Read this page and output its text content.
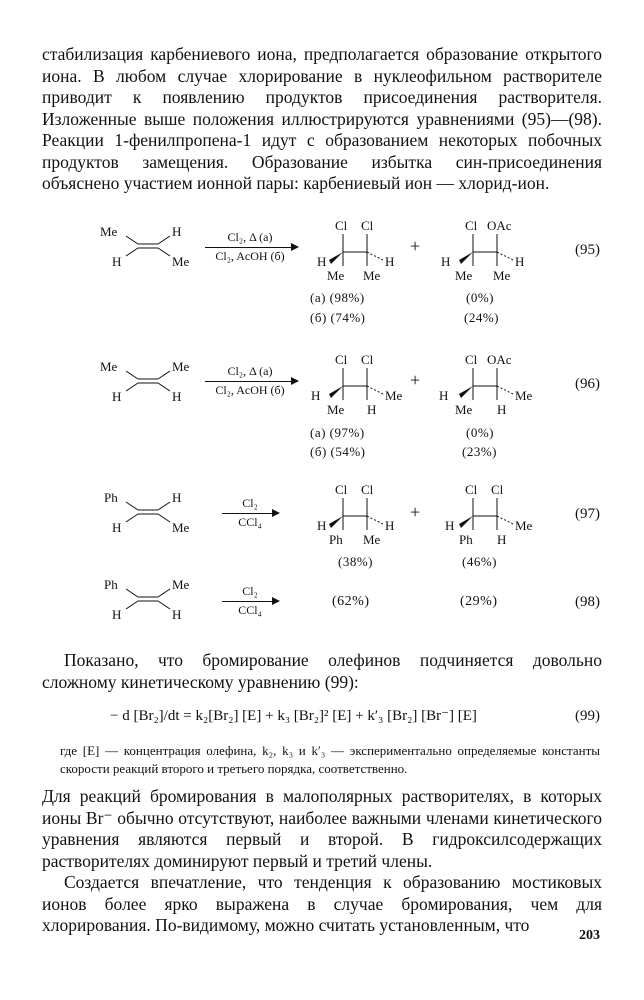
стабилизация карбениевого иона, предполагается образование открытого иона. В любом случае хлорирование в нуклеофильном растворителе приводит к появлению продуктов присоединения растворителя. Изложенные выше положения иллюстрируются уравнениями (95)—(98). Реакции 1-фенилпропена-1 идут с образованием некоторых побочных продуктов замещения. Образование избытка син-присоединения объяснено участием ионной пары: карбениевый ион — хлорид-ион.
Me	H
H	Me
Cl₂, Δ (а)
Cl₂, AcOH (б)
Cl Cl
H	H
Me Me
+
Cl OAc
H	H
Me Me
(95)
(а) (98%)
(б) (74%)
(0%)
(24%)
Me	Me
H	H
Cl₂, Δ (а)
Cl₂, AcOH (б)
Cl Cl
H	Me
Me H
+
Cl OAc
H	Me
Me H
(96)
(а) (97%)
(б) (54%)
(0%)
(23%)
Ph	H
H	Me
Cl₂
CCl₄
Cl Cl
H	H
Ph Me
+
Cl Cl
H	Me
Ph H
(97)
(38%)	(46%)
Ph	Me
H	H
Cl₂
CCl₄
(62%)	(29%)	(98)
Показано, что бромирование олефинов подчиняется довольно сложному кинетическому уравнению (99):
− d [Br₂]/dt = k₂[Br₂] [E] + k₃ [Br₂]² [E] + k′₃ [Br₂] [Br⁻] [E]	(99)
где [E] — концентрация олефина, k₂, k₃ и k′₃ — экспериментально определяемые константы скорости реакций второго и третьего порядка, соответственно.
Для реакций бромирования в малополярных растворителях, в которых ионы Br⁻ обычно отсутствуют, наиболее важными членами кинетического уравнения являются первый и второй. В гидроксилсодержащих растворителях доминируют первый и третий члены.
Создается впечатление, что тенденция к образованию мостиковых ионов более ярко выражена в случае бромирования, чем для хлорирования. По-видимому, можно считать установленным, что
203
